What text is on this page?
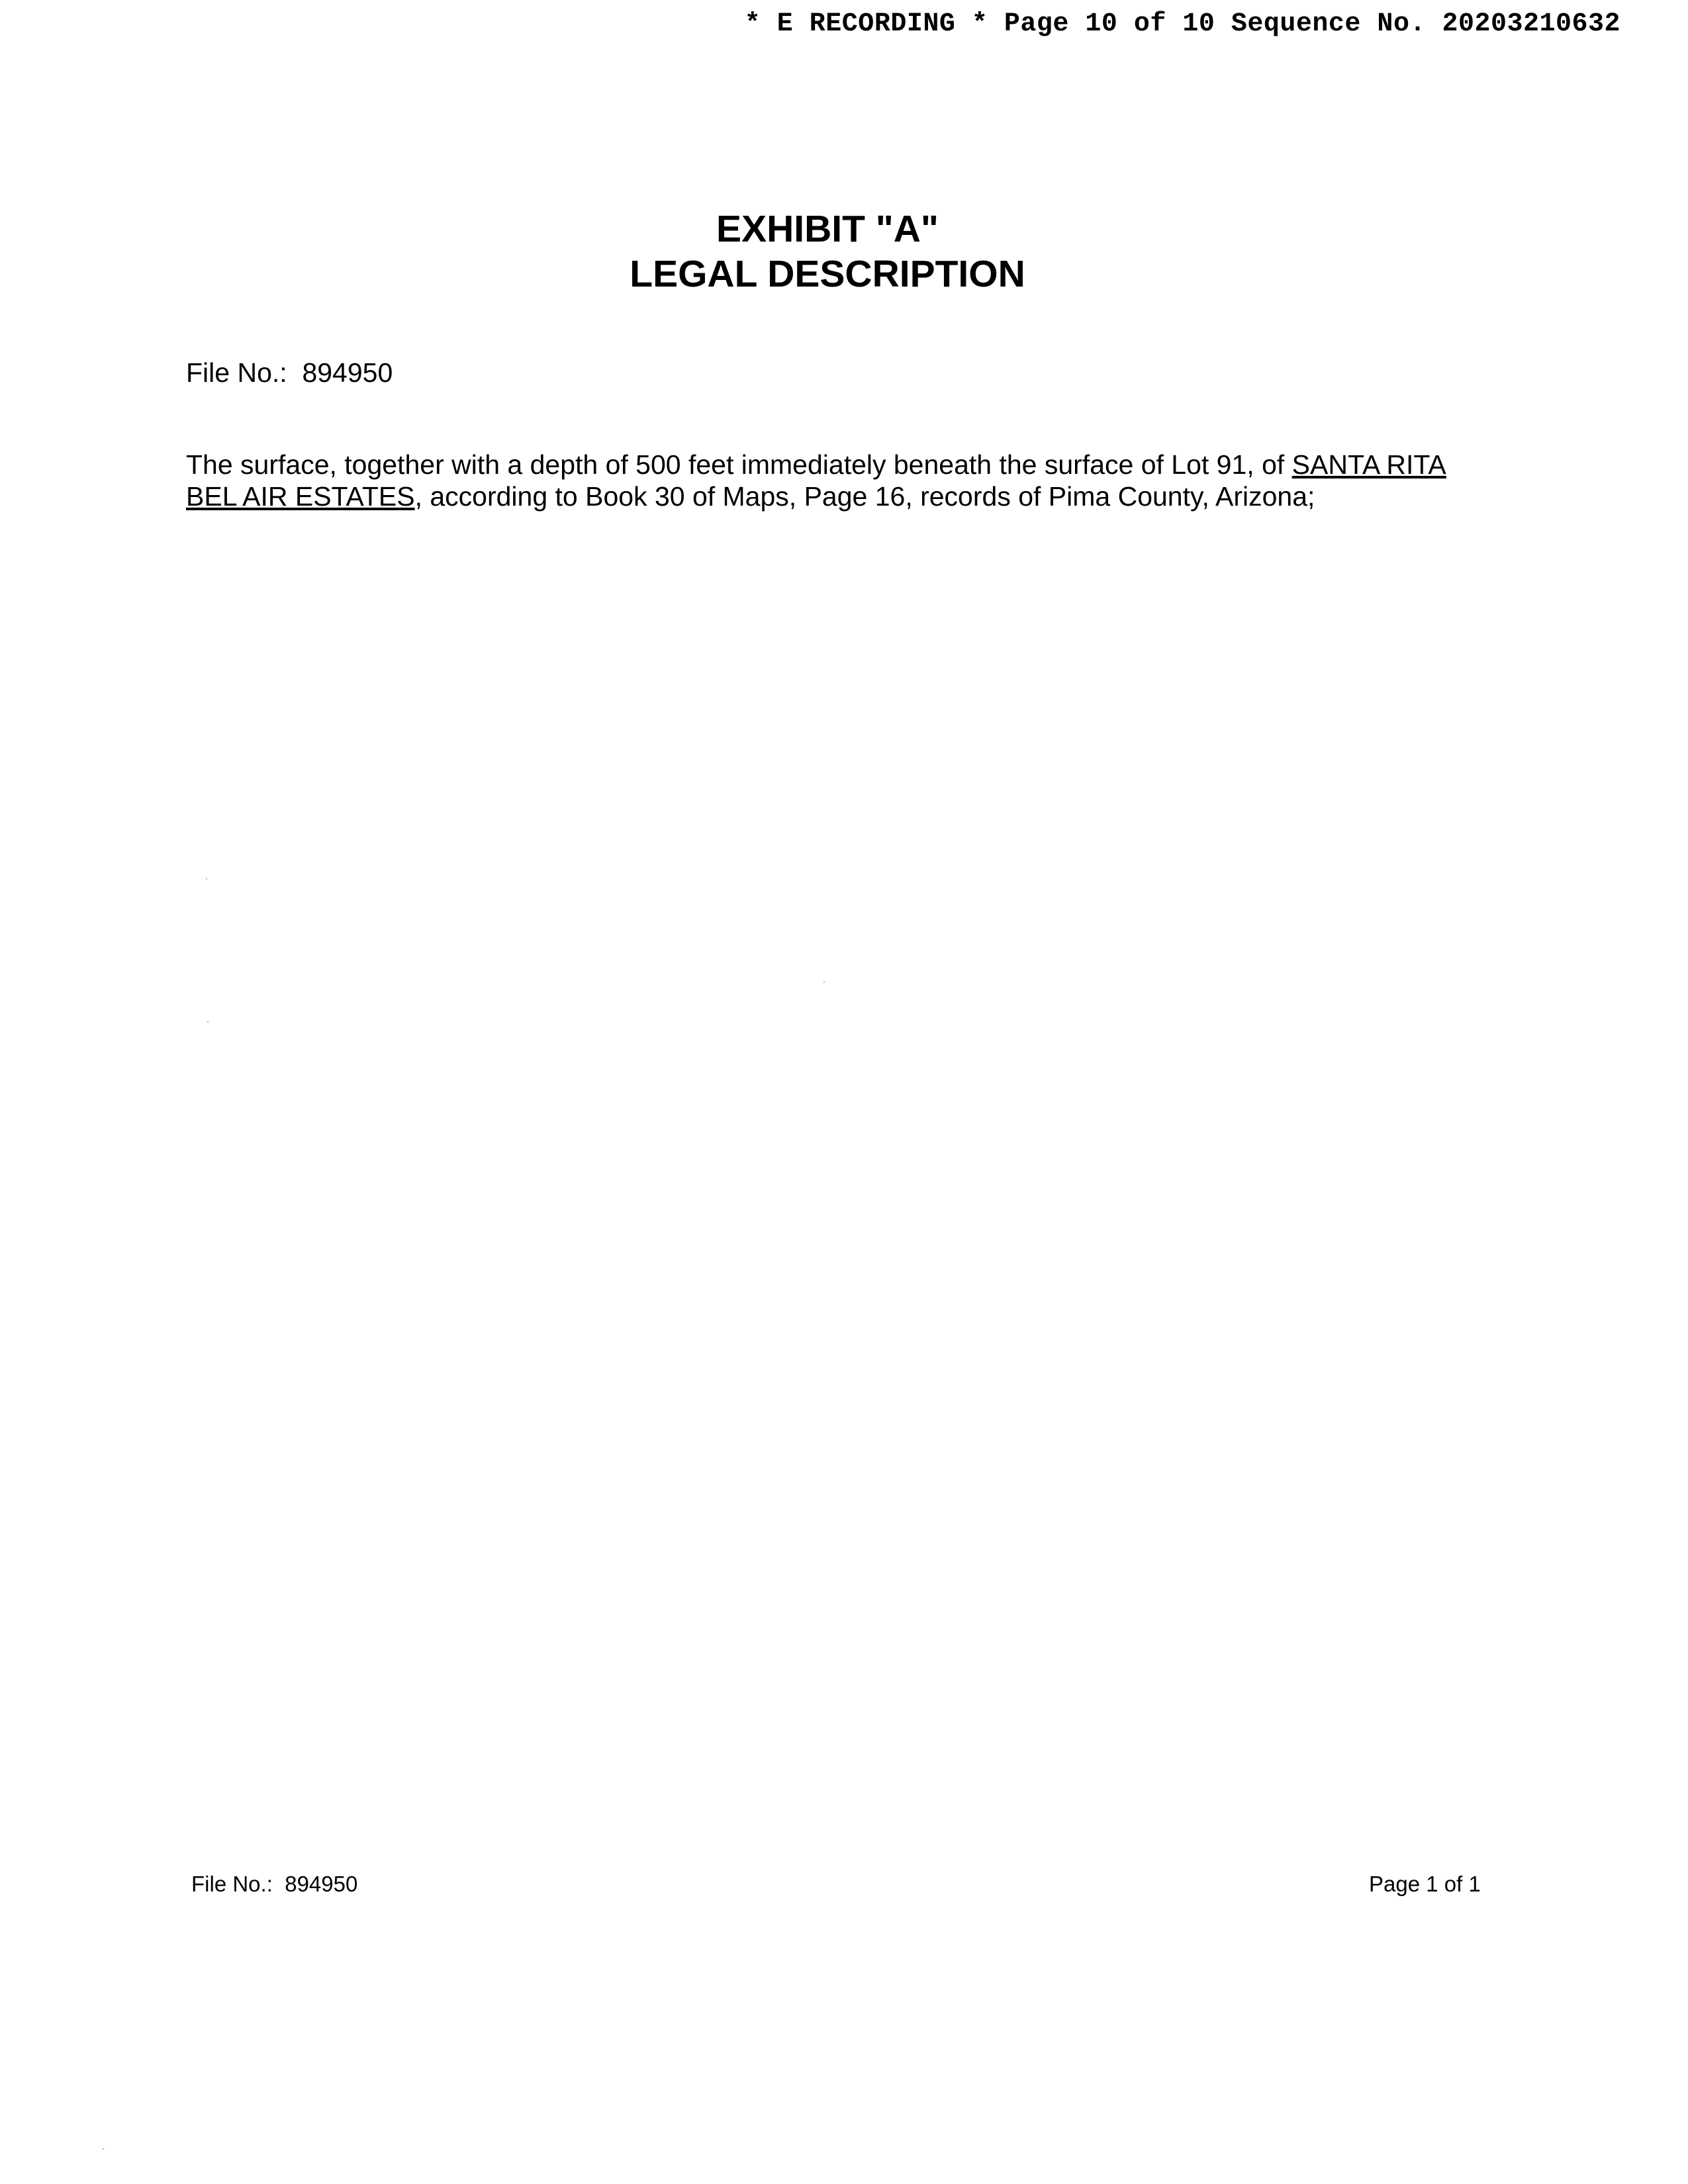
* E RECORDING * Page 10 of 10 Sequence No. 20203210632
EXHIBIT "A"
LEGAL DESCRIPTION
File No.: 894950
The surface, together with a depth of 500 feet immediately beneath the surface of Lot 91, of SANTA RITA
BEL AIR ESTATES, according to Book 30 of Maps, Page 16, records of Pima County, Arizona;
File No.: 894950	Page 1 of 1
